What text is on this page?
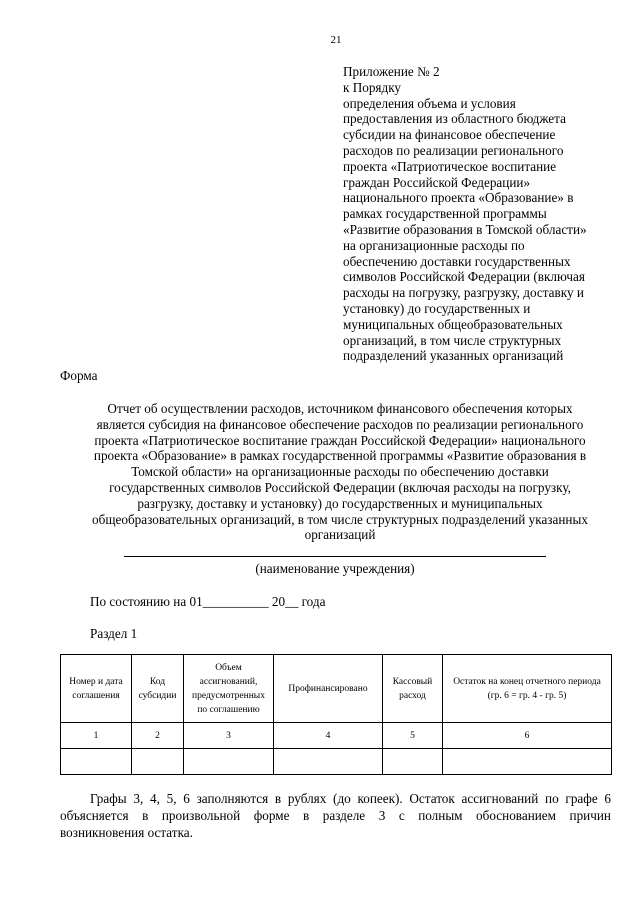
21
Приложение № 2
к Порядку
определения объема и условия
предоставления из областного бюджета
субсидии на финансовое обеспечение
расходов по реализации регионального
проекта «Патриотическое воспитание
граждан Российской Федерации»
национального проекта «Образование» в
рамках государственной программы
«Развитие образования в Томской области»
на организационные расходы по
обеспечению доставки государственных
символов Российской Федерации (включая
расходы на погрузку, разгрузку, доставку и
установку) до государственных и
муниципальных общеобразовательных
организаций, в том числе структурных
подразделений указанных организаций
Форма
Отчет об осуществлении расходов, источником финансового обеспечения которых
является субсидия на финансовое обеспечение расходов по реализации регионального
проекта «Патриотическое воспитание граждан Российской Федерации» национального
проекта «Образование» в рамках государственной программы «Развитие образования в
Томской области» на организационные расходы по обеспечению доставки
государственных символов Российской Федерации (включая расходы на погрузку,
разгрузку, доставку и установку) до государственных и муниципальных
общеобразовательных организаций, в том числе структурных подразделений указанных
организаций
(наименование учреждения)
По состоянию на 01__________ 20__ года
Раздел 1
Номер и дата соглашения	Код субсидии	Объем ассигнований, предусмотренных по соглашению	Профинансировано	Кассовый расход	Остаток на конец отчетного периода (гр. 6 = гр. 4 - гр. 5)
1	2	3	4	5	6

Графы 3, 4, 5, 6 заполняются в рублях (до копеек). Остаток ассигнований по графе 6
объясняется в произвольной форме в разделе 3 с полным обоснованием причин
возникновения остатка.
